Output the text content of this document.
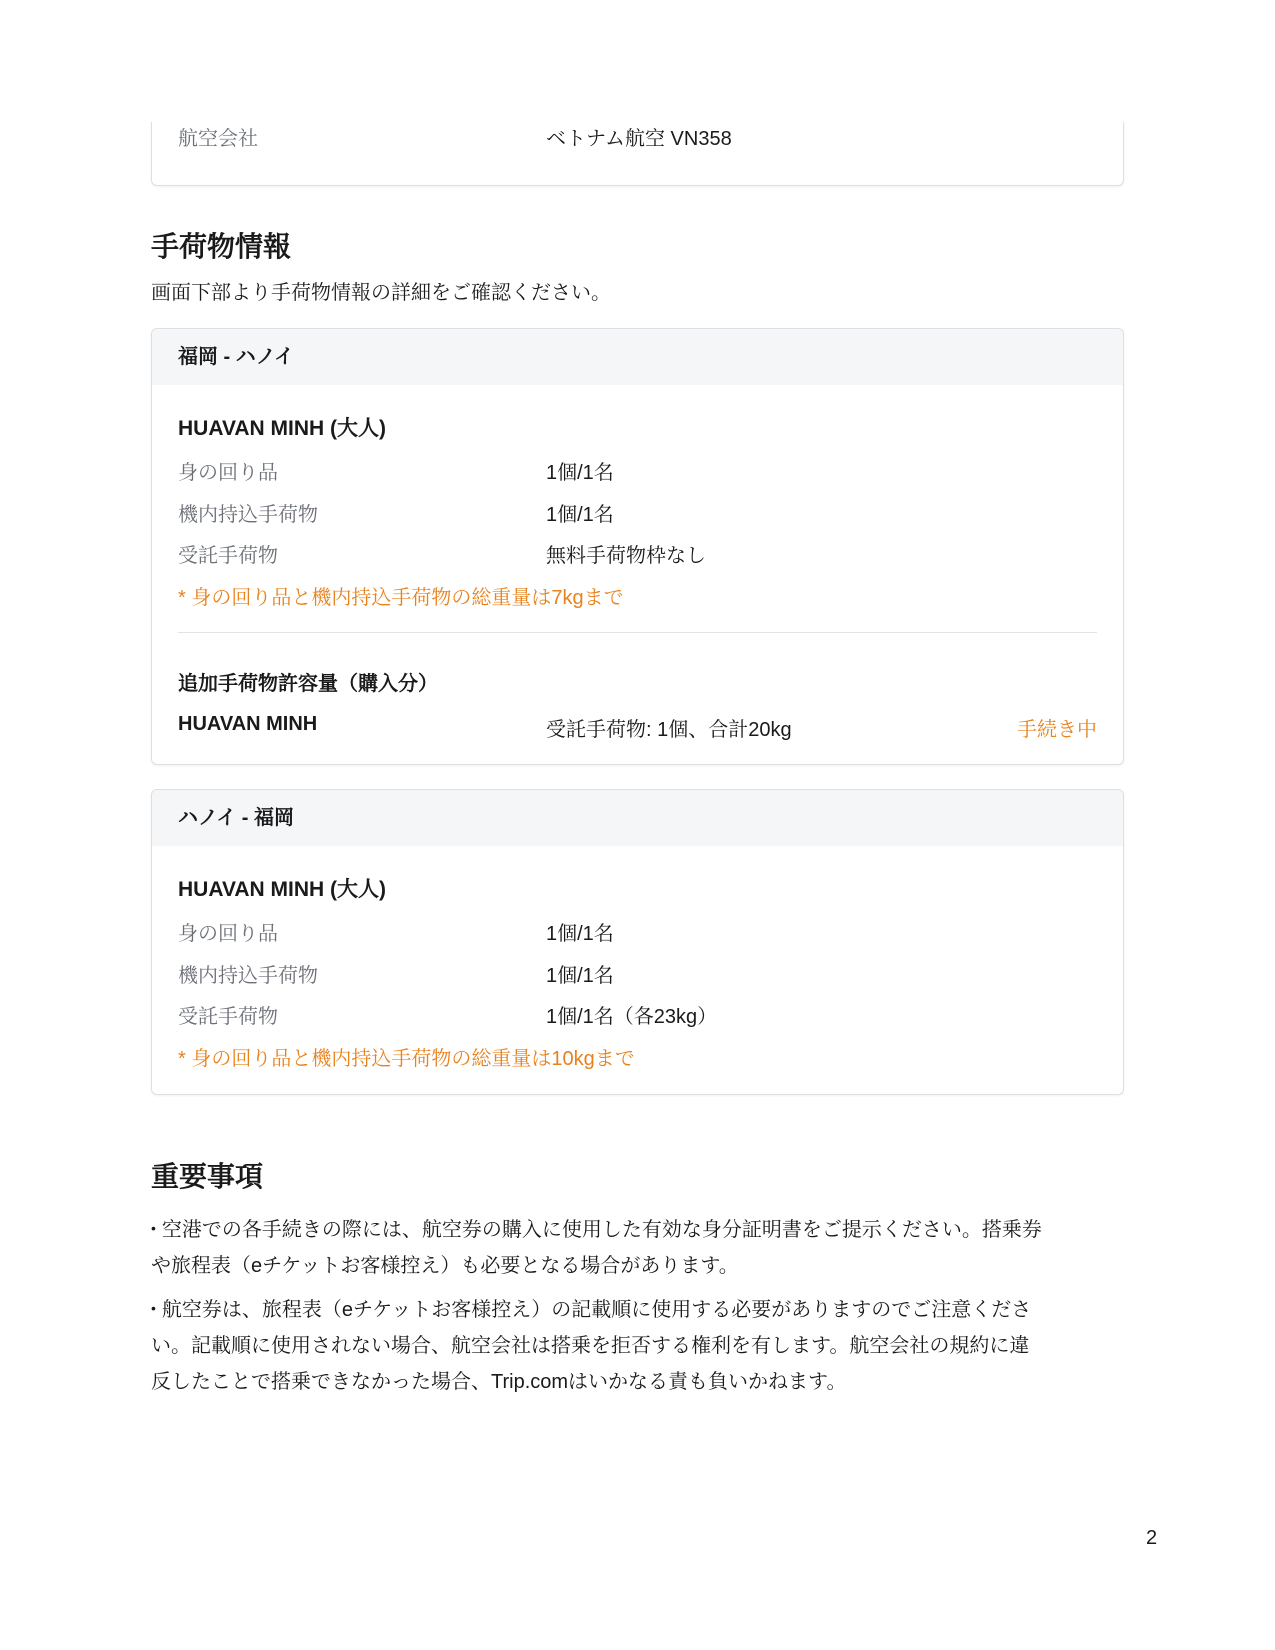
航空会社	ベトナム航空 VN358
手荷物情報
画面下部より手荷物情報の詳細をご確認ください。
福岡 - ハノイ
HUAVAN MINH (大人)
身の回り品	1個/1名
機内持込手荷物	1個/1名
受託手荷物	無料手荷物枠なし
* 身の回り品と機内持込手荷物の総重量は7kgまで
追加手荷物許容量（購入分）
HUAVAN MINH	受託手荷物: 1個、合計20kg	手続き中
ハノイ - 福岡
HUAVAN MINH (大人)
身の回り品	1個/1名
機内持込手荷物	1個/1名
受託手荷物	1個/1名（各23kg）
* 身の回り品と機内持込手荷物の総重量は10kgまで
重要事項
• 空港での各手続きの際には、航空券の購入に使用した有効な身分証明書をご提示ください。搭乗券
や旅程表（eチケットお客様控え）も必要となる場合があります。
• 航空券は、旅程表（eチケットお客様控え）の記載順に使用する必要がありますのでご注意くださ
い。記載順に使用されない場合、航空会社は搭乗を拒否する権利を有します。航空会社の規約に違
反したことで搭乗できなかった場合、Trip.comはいかなる責も負いかねます。
2
